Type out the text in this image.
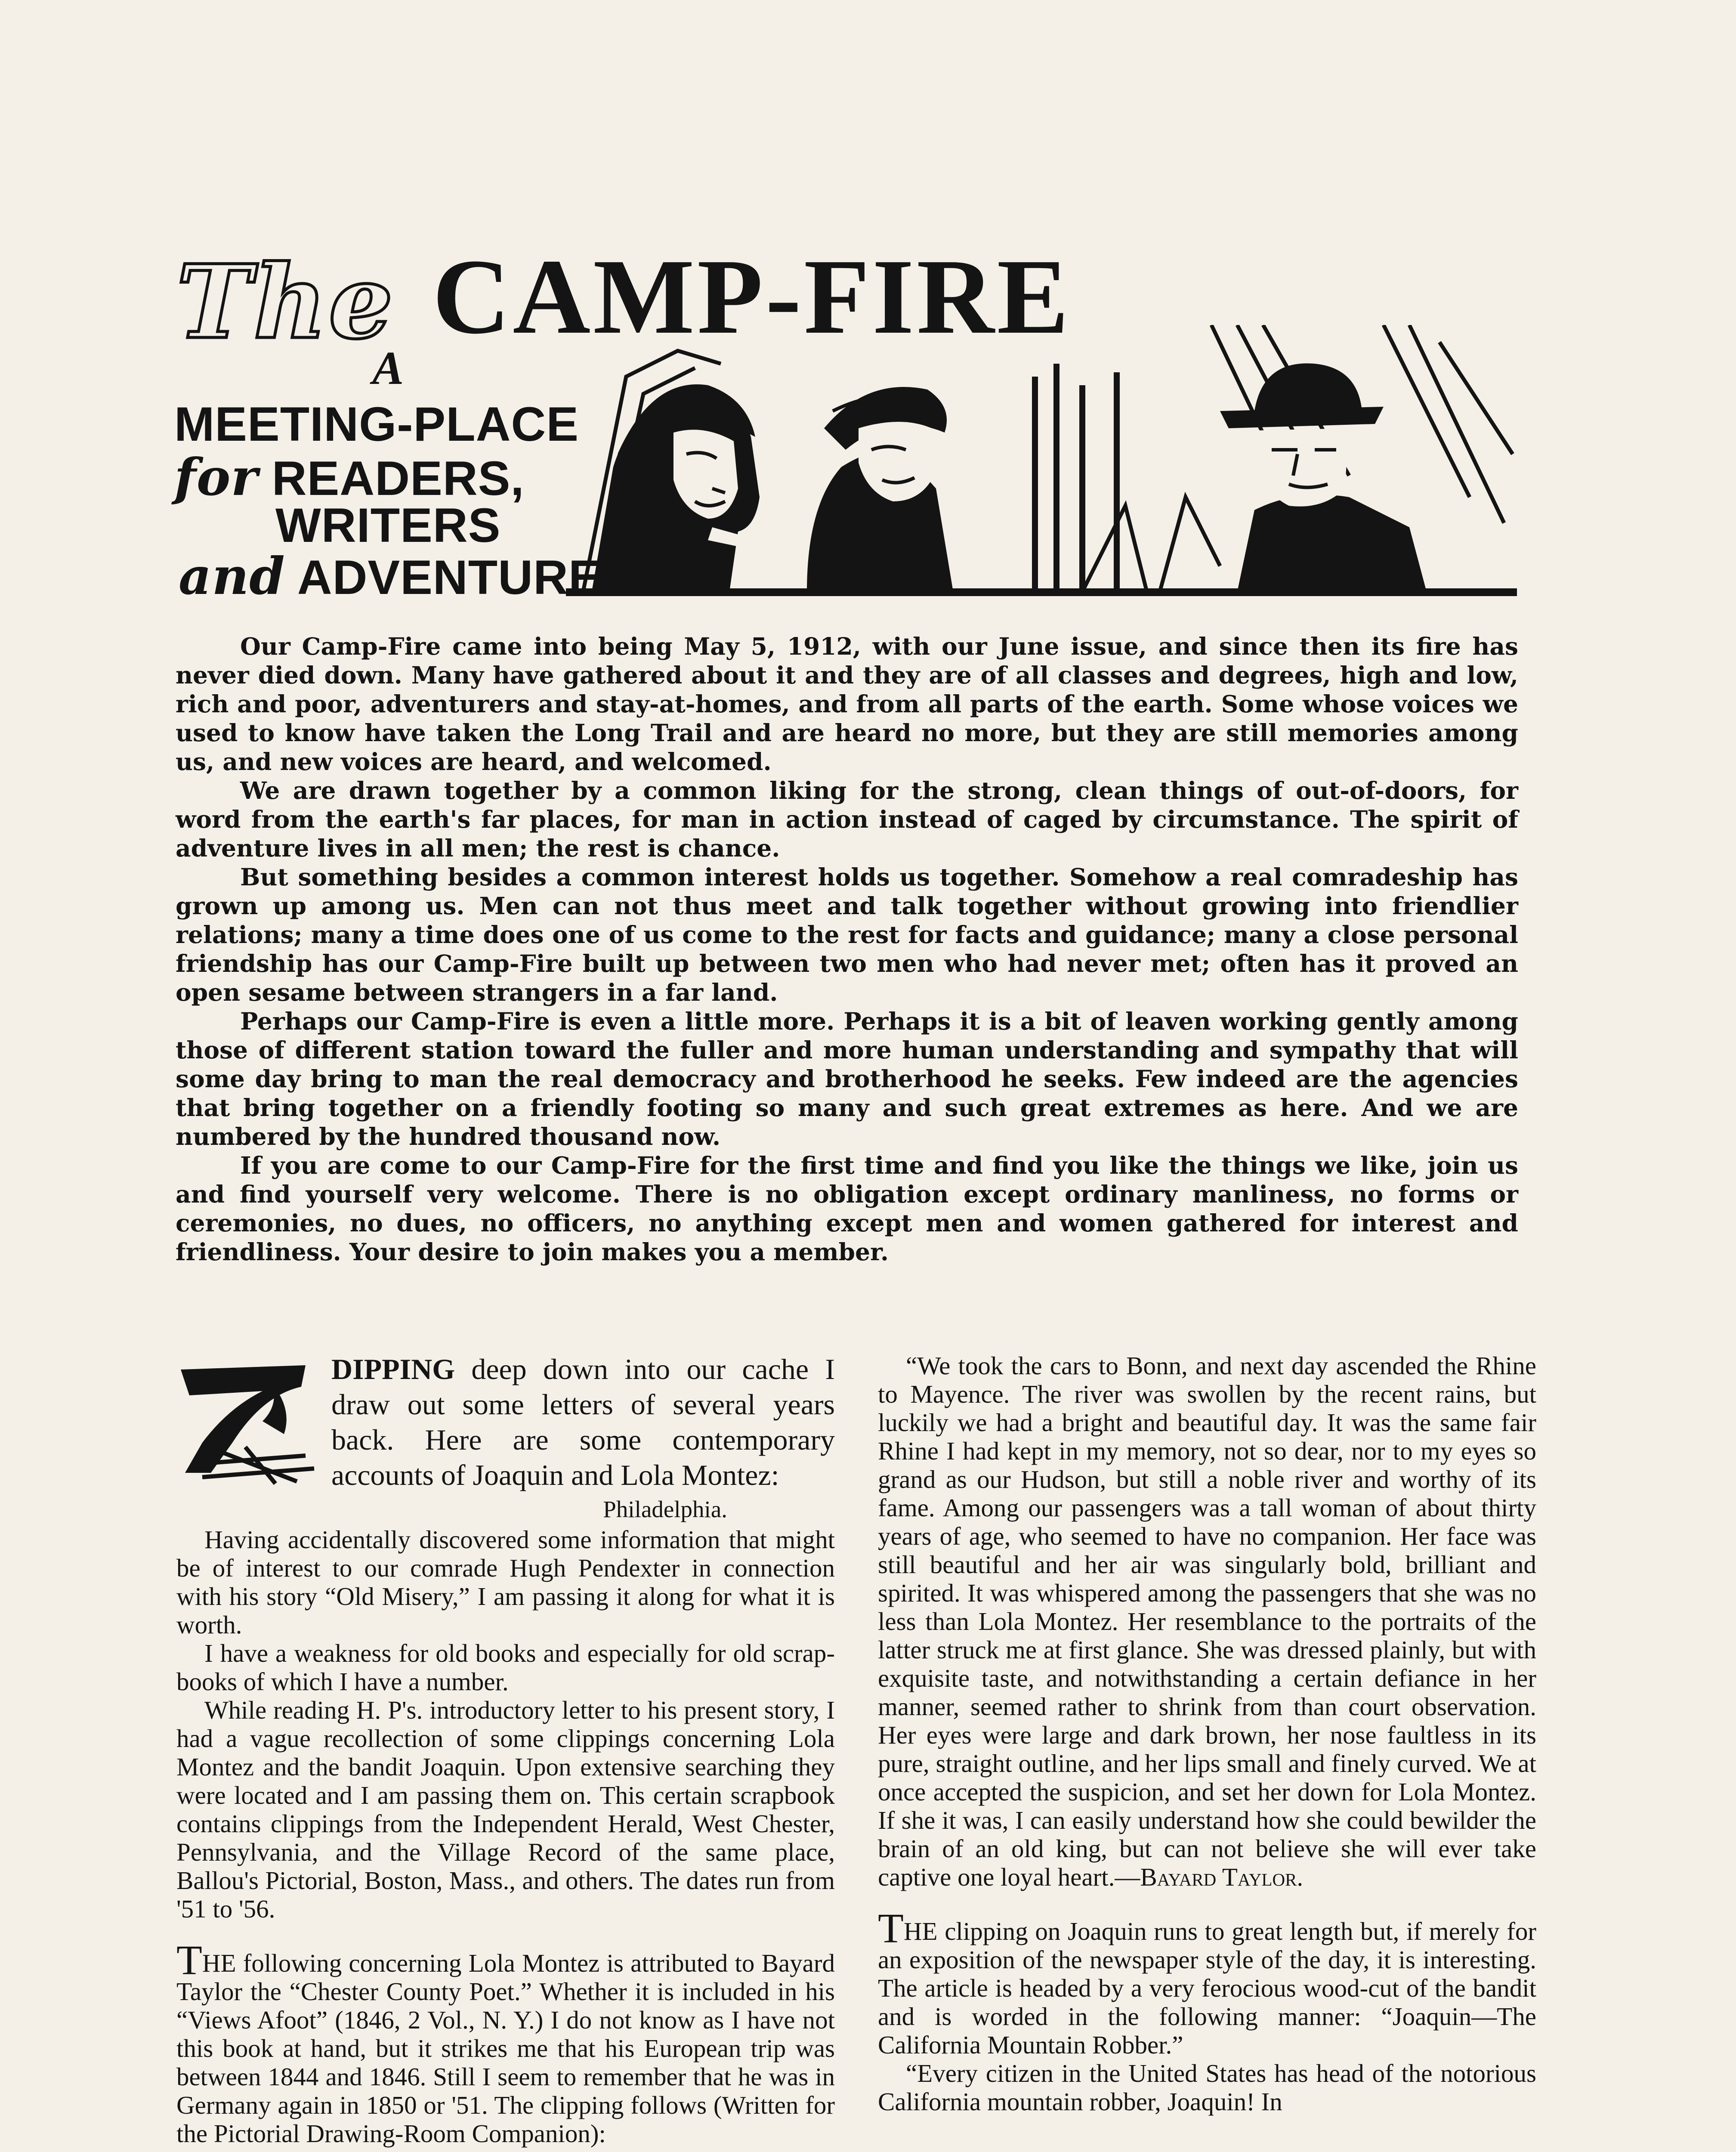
The CAMP-FIRE
A
MEETING-PLACE
for READERS,
WRITERS
and ADVENTURERS

Our Camp-Fire came into being May 5, 1912, with our June issue, and since then its fire has never died down. Many have gathered about it and they are of all classes and degrees, high and low, rich and poor, adventurers and stay-at-homes, and from all parts of the earth. Some whose voices we used to know have taken the Long Trail and are heard no more, but they are still memories among us, and new voices are heard, and welcomed.

We are drawn together by a common liking for the strong, clean things of out-of-doors, for word from the earth's far places, for man in action instead of caged by circumstance. The spirit of adventure lives in all men; the rest is chance.

But something besides a common interest holds us together. Somehow a real comradeship has grown up among us. Men can not thus meet and talk together without growing into friendlier relations; many a time does one of us come to the rest for facts and guidance; many a close personal friendship has our Camp-Fire built up between two men who had never met; often has it proved an open sesame between strangers in a far land.

Perhaps our Camp-Fire is even a little more. Perhaps it is a bit of leaven working gently among those of different station toward the fuller and more human understanding and sympathy that will some day bring to man the real democracy and brotherhood he seeks. Few indeed are the agencies that bring together on a friendly footing so many and such great extremes as here. And we are numbered by the hundred thousand now.

If you are come to our Camp-Fire for the first time and find you like the things we like, join us and find yourself very welcome. There is no obligation except ordinary manliness, no forms or ceremonies, no dues, no officers, no anything except men and women gathered for interest and friendliness. Your desire to join makes you a member.

DIPPING deep down into our cache I draw out some letters of several years back. Here are some contemporary accounts of Joaquin and Lola Montez:

Philadelphia.

Having accidentally discovered some information that might be of interest to our comrade Hugh Pendexter in connection with his story “Old Misery,” I am passing it along for what it is worth.

I have a weakness for old books and especially for old scrap-books of which I have a number.

While reading H. P's. introductory letter to his present story, I had a vague recollection of some clippings concerning Lola Montez and the bandit Joaquin. Upon extensive searching they were located and I am passing them on. This certain scrapbook contains clippings from the Independent Herald, West Chester, Pennsylvania, and the Village Record of the same place, Ballou's Pictorial, Boston, Mass., and others. The dates run from '51 to '56.

THE following concerning Lola Montez is attributed to Bayard Taylor the “Chester County Poet.” Whether it is included in his “Views Afoot” (1846, 2 Vol., N. Y.) I do not know as I have not this book at hand, but it strikes me that his European trip was between 1844 and 1846. Still I seem to remember that he was in Germany again in 1850 or '51. The clipping follows (Written for the Pictorial Drawing-Room Companion):

“We took the cars to Bonn, and next day ascended the Rhine to Mayence. The river was swollen by the recent rains, but luckily we had a bright and beautiful day. It was the same fair Rhine I had kept in my memory, not so dear, nor to my eyes so grand as our Hudson, but still a noble river and worthy of its fame. Among our passengers was a tall woman of about thirty years of age, who seemed to have no companion. Her face was still beautiful and her air was singularly bold, brilliant and spirited. It was whispered among the passengers that she was no less than Lola Montez. Her resemblance to the portraits of the latter struck me at first glance. She was dressed plainly, but with exquisite taste, and notwithstanding a certain defiance in her manner, seemed rather to shrink from than court observation. Her eyes were large and dark brown, her nose faultless in its pure, straight outline, and her lips small and finely curved. We at once accepted the suspicion, and set her down for Lola Montez. If she it was, I can easily understand how she could bewilder the brain of an old king, but can not believe she will ever take captive one loyal heart.—Bayard Taylor.

THE clipping on Joaquin runs to great length but, if merely for an exposition of the newspaper style of the day, it is interesting. The article is headed by a very ferocious wood-cut of the bandit and is worded in the following manner: “Joaquin—The California Mountain Robber.”

“Every citizen in the United States has head of the notorious California mountain robber, Joaquin! In
